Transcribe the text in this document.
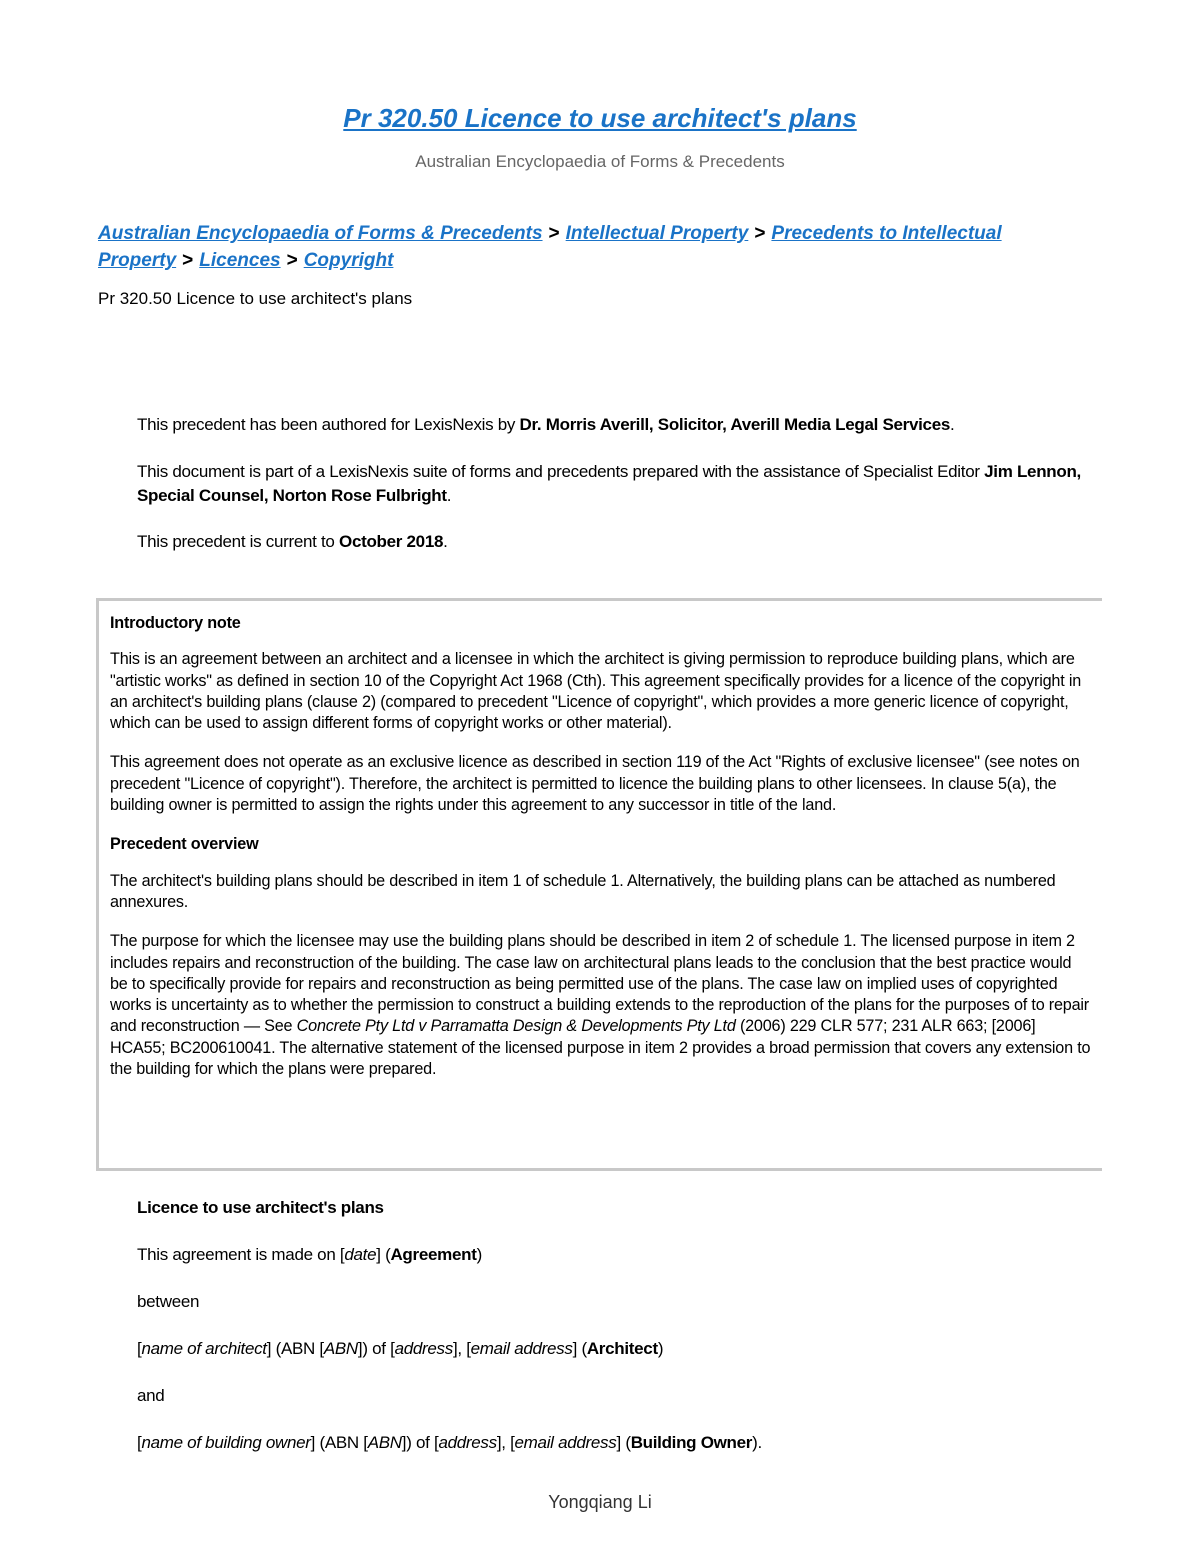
Pr 320.50 Licence to use architect's plans
Australian Encyclopaedia of Forms & Precedents
Australian Encyclopaedia of Forms & Precedents > Intellectual Property > Precedents to Intellectual Property > Licences > Copyright
Pr 320.50 Licence to use architect's plans
This precedent has been authored for LexisNexis by Dr. Morris Averill, Solicitor, Averill Media Legal Services.
This document is part of a LexisNexis suite of forms and precedents prepared with the assistance of Specialist Editor Jim Lennon, Special Counsel, Norton Rose Fulbright.
This precedent is current to October 2018.
Introductory note

This is an agreement between an architect and a licensee in which the architect is giving permission to reproduce building plans, which are "artistic works" as defined in section 10 of the Copyright Act 1968 (Cth). This agreement specifically provides for a licence of the copyright in an architect's building plans (clause 2) (compared to precedent "Licence of copyright", which provides a more generic licence of copyright, which can be used to assign different forms of copyright works or other material).

This agreement does not operate as an exclusive licence as described in section 119 of the Act "Rights of exclusive licensee" (see notes on precedent "Licence of copyright"). Therefore, the architect is permitted to licence the building plans to other licensees. In clause 5(a), the building owner is permitted to assign the rights under this agreement to any successor in title of the land.

Precedent overview

The architect's building plans should be described in item 1 of schedule 1. Alternatively, the building plans can be attached as numbered annexures.

The purpose for which the licensee may use the building plans should be described in item 2 of schedule 1. The licensed purpose in item 2 includes repairs and reconstruction of the building. The case law on architectural plans leads to the conclusion that the best practice would be to specifically provide for repairs and reconstruction as being permitted use of the plans. The case law on implied uses of copyrighted works is uncertainty as to whether the permission to construct a building extends to the reproduction of the plans for the purposes of to repair and reconstruction — See Concrete Pty Ltd v Parramatta Design & Developments Pty Ltd (2006) 229 CLR 577; 231 ALR 663; [2006] HCA55; BC200610041. The alternative statement of the licensed purpose in item 2 provides a broad permission that covers any extension to the building for which the plans were prepared.

Licence to use architect's plans
This agreement is made on [date] (Agreement)
between
[name of architect] (ABN [ABN]) of [address], [email address] (Architect)
and
[name of building owner] (ABN [ABN]) of [address], [email address] (Building Owner).
Yongqiang Li
